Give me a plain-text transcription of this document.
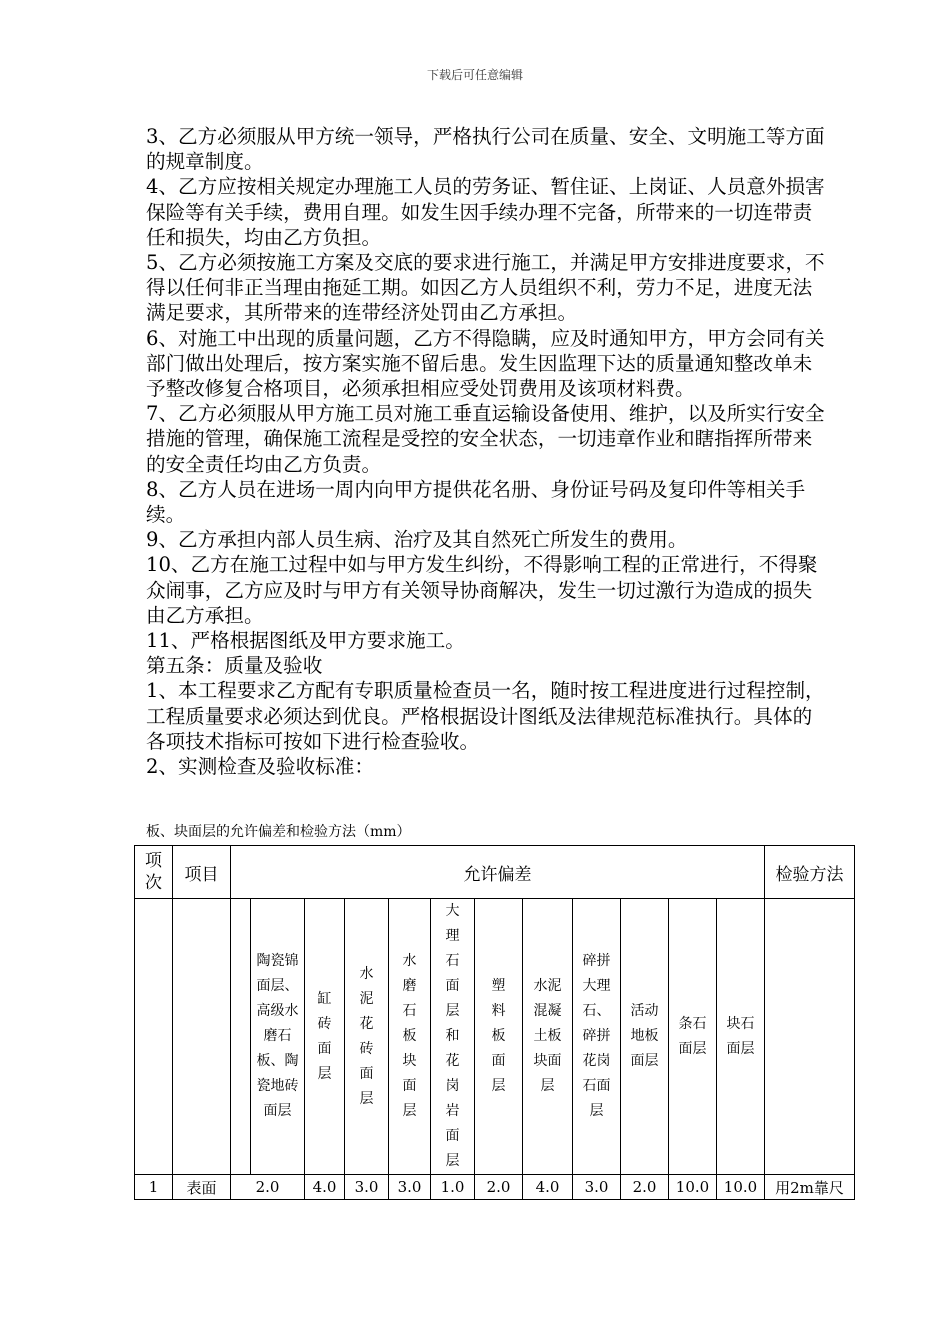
下载后可任意编辑

3、乙方必须服从甲方统一领导，严格执行公司在质量、安全、文明施工等方面的规章制度。

4、乙方应按相关规定办理施工人员的劳务证、暂住证、上岗证、人员意外损害保险等有关手续，费用自理。如发生因手续办理不完备，所带来的一切连带责任和损失，均由乙方负担。

5、乙方必须按施工方案及交底的要求进行施工，并满足甲方安排进度要求，不得以任何非正当理由拖延工期。如因乙方人员组织不利，劳力不足，进度无法满足要求，其所带来的连带经济处罚由乙方承担。

6、对施工中出现的质量问题，乙方不得隐瞒，应及时通知甲方，甲方会同有关部门做出处理后，按方案实施不留后患。发生因监理下达的质量通知整改单未予整改修复合格项目，必须承担相应受处罚费用及该项材料费。

7、乙方必须服从甲方施工员对施工垂直运输设备使用、维护，以及所实行安全措施的管理，确保施工流程是受控的安全状态，一切违章作业和瞎指挥所带来的安全责任均由乙方负责。

8、乙方人员在进场一周内向甲方提供花名册、身份证号码及复印件等相关手续。

9、乙方承担内部人员生病、治疗及其自然死亡所发生的费用。

10、乙方在施工过程中如与甲方发生纠纷，不得影响工程的正常进行，不得聚众闹事，乙方应及时与甲方有关领导协商解决，发生一切过激行为造成的损失由乙方承担。

11、严格根据图纸及甲方要求施工。

第五条：质量及验收

1、本工程要求乙方配有专职质量检查员一名，随时按工程进度进行过程控制，工程质量要求必须达到优良。严格根据设计图纸及法律规范标准执行。具体的各项技术指标可按如下进行检查验收。

2、实测检查及验收标准：

板、块面层的允许偏差和检验方法（mm）
项次	项目	允许偏差												检验方法
			陶瓷锦面层、高级水磨石板、陶瓷地砖面层	缸砖面层	水泥花砖面层	水磨石板块面层	大理石面层和花岗岩面层	塑料板面层	水泥混凝土板块面层	碎拼大理石、碎拼花岗石面层	活动地板面层	条石面层	块石面层	
1	表面	2.0		4.0	3.0	3.0	1.0	2.0	4.0	3.0	2.0	10.0	10.0	用2m靠尺
